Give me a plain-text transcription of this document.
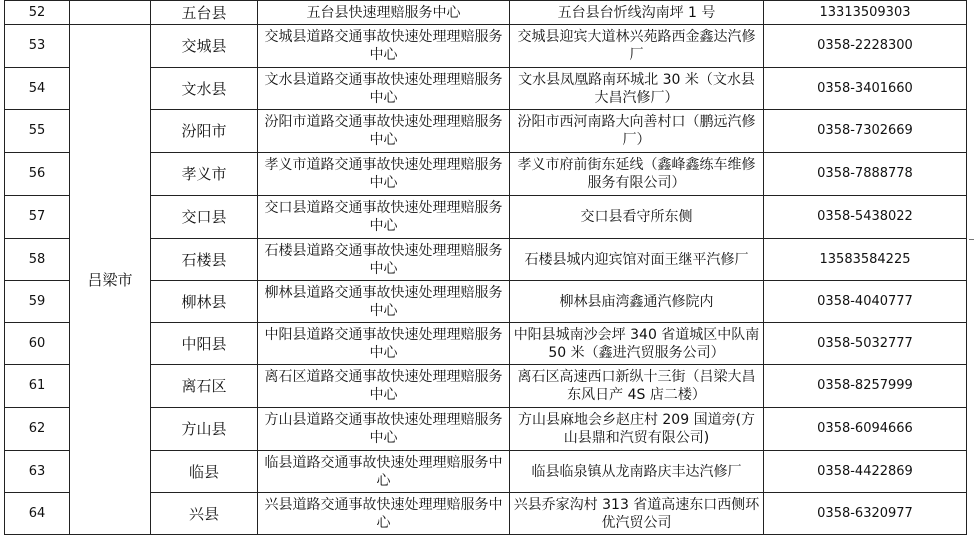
52		五台县	五台县快速理赔服务中心	五台县台忻线沟南坪 1 号	13313509303
53	吕梁市	交城县	交城县道路交通事故快速处理理赔服务中心	交城县迎宾大道林兴苑路西金鑫达汽修厂	0358-2228300
54		文水县	文水县道路交通事故快速处理理赔服务中心	文水县凤凰路南环城北 30 米（文水县大昌汽修厂）	0358-3401660
55		汾阳市	汾阳市道路交通事故快速处理理赔服务中心	汾阳市西河南路大向善村口（鹏远汽修厂）	0358-7302669
56		孝义市	孝义市道路交通事故快速处理理赔服务中心	孝义市府前街东延线（鑫峰鑫练车维修服务有限公司）	0358-7888778
57		交口县	交口县道路交通事故快速处理理赔服务中心	交口县看守所东侧	0358-5438022
58		石楼县	石楼县道路交通事故快速处理理赔服务中心	石楼县城内迎宾馆对面王继平汽修厂	13583584225
59		柳林县	柳林县道路交通事故快速处理理赔服务中心	柳林县庙湾鑫通汽修院内	0358-4040777
60		中阳县	中阳县道路交通事故快速处理理赔服务中心	中阳县城南沙会坪 340 省道城区中队南 50 米（鑫进汽贸服务公司）	0358-5032777
61		离石区	离石区道路交通事故快速处理理赔服务中心	离石区高速西口新纵十三街（吕梁大昌东风日产 4S 店二楼）	0358-8257999
62		方山县	方山县道路交通事故快速处理理赔服务中心	方山县麻地会乡赵庄村 209 国道旁(方山县鼎和汽贸有限公司)	0358-6094666
63		临县	临县道路交通事故快速处理理赔服务中心	临县临泉镇从龙南路庆丰达汽修厂	0358-4422869
64		兴县	兴县道路交通事故快速处理理赔服务中心	兴县乔家沟村 313 省道高速东口西侧环优汽贸公司	0358-6320977
